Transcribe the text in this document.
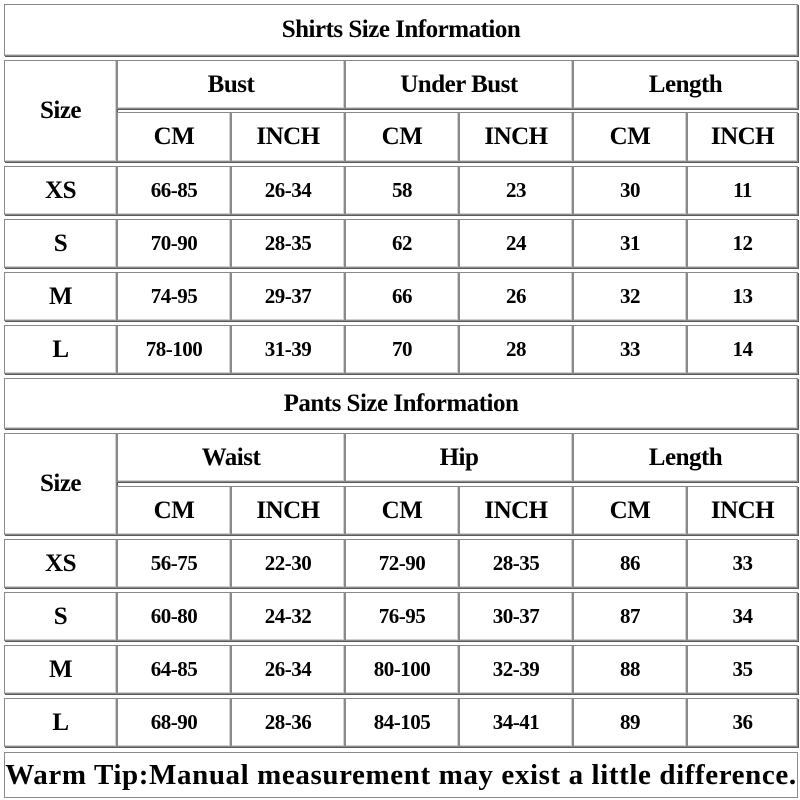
Shirts Size Information
Size
Bust	Under Bust	Length
CM	INCH	CM	INCH	CM	INCH
XS	66-85	26-34	58	23	30	11
S	70-90	28-35	62	24	31	12
M	74-95	29-37	66	26	32	13
L	78-100	31-39	70	28	33	14
Pants Size Information
Size
Waist	Hip	Length
CM	INCH	CM	INCH	CM	INCH
XS	56-75	22-30	72-90	28-35	86	33
S	60-80	24-32	76-95	30-37	87	34
M	64-85	26-34	80-100	32-39	88	35
L	68-90	28-36	84-105	34-41	89	36
Warm Tip:Manual measurement may exist a little difference.
